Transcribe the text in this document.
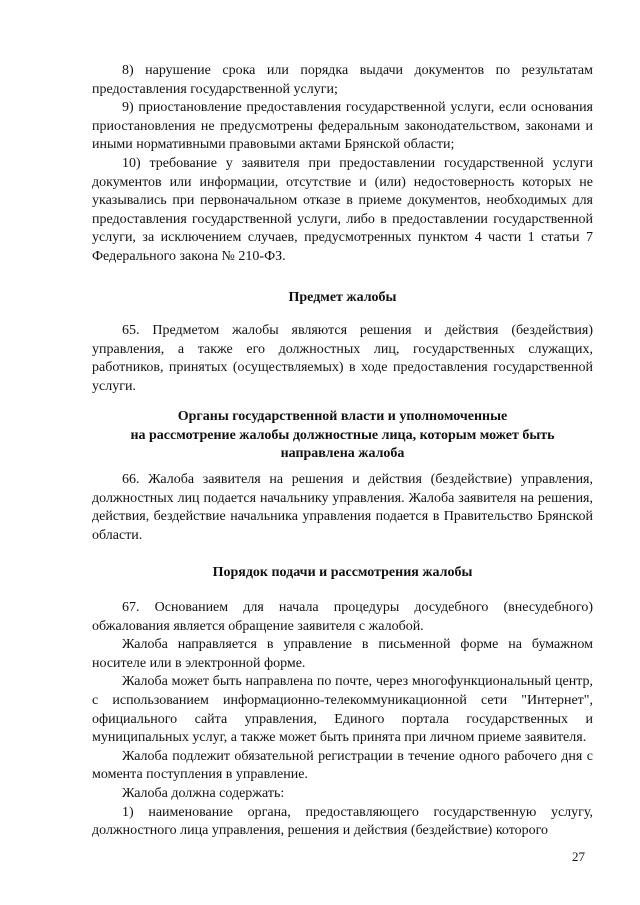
8) нарушение срока или порядка выдачи документов по результатам предоставления государственной услуги;

9) приостановление предоставления государственной услуги, если основания приостановления не предусмотрены федеральным законодательством, законами и иными нормативными правовыми актами Брянской области;

10) требование у заявителя при предоставлении государственной услуги документов или информации, отсутствие и (или) недостоверность которых не указывались при первоначальном отказе в приеме документов, необходимых для предоставления государственной услуги, либо в предоставлении государственной услуги, за исключением случаев, предусмотренных пунктом 4 части 1 статьи 7 Федерального закона № 210-ФЗ.

Предмет жалобы

65. Предметом жалобы являются решения и действия (бездействия) управления, а также его должностных лиц, государственных служащих, работников, принятых (осуществляемых) в ходе предоставления государственной услуги.

Органы государственной власти и уполномоченные
на рассмотрение жалобы должностные лица, которым может быть
направлена жалоба

66. Жалоба заявителя на решения и действия (бездействие) управления, должностных лиц подается начальнику управления. Жалоба заявителя на решения, действия, бездействие начальника управления подается в Правительство Брянской области.

Порядок подачи и рассмотрения жалобы

67. Основанием для начала процедуры досудебного (внесудебного) обжалования является обращение заявителя с жалобой.

Жалоба направляется в управление в письменной форме на бумажном носителе или в электронной форме.

Жалоба может быть направлена по почте, через многофункциональный центр, с использованием информационно-телекоммуникационной сети "Интернет", официального сайта управления, Единого портала государственных и муниципальных услуг, а также может быть принята при личном приеме заявителя.

Жалоба подлежит обязательной регистрации в течение одного рабочего дня с момента поступления в управление.

Жалоба должна содержать:

1) наименование органа, предоставляющего государственную услугу, должностного лица управления, решения и действия (бездействие) которого

27
